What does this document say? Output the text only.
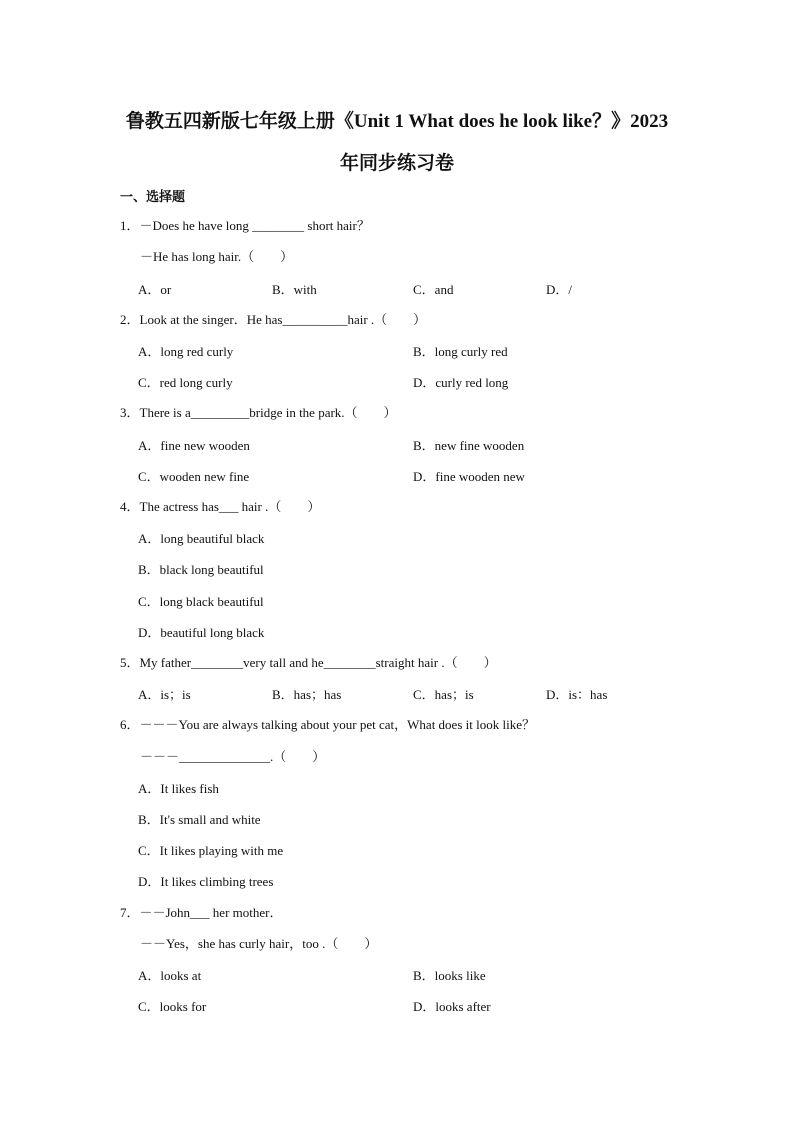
鲁教五四新版七年级上册《Unit 1 What does he look like？》2023
年同步练习卷
一、选择题
1．－Does he have long ________ short hair？
－He has long hair.（　　）
A．or	B．with	C．and	D．/
2．Look at the singer．He has__________hair .（　　）
A．long red curly	B．long curly red
C．red long curly	D．curly red long
3．There is a_________bridge in the park.（　　）
A．fine new wooden	B．new fine wooden
C．wooden new fine	D．fine wooden new
4．The actress has___ hair .（　　）
A．long beautiful black
B．black long beautiful
C．long black beautiful
D．beautiful long black
5．My father________very tall and he________straight hair .（　　）
A．is；is	B．has；has	C．has；is	D．is：has
6．－－－You are always talking about your pet cat，What does it look like？
－－－______________.（　　）
A．It likes fish
B．It's small and white
C．It likes playing with me
D．It likes climbing trees
7．－－John___ her mother．
－－Yes，she has curly hair，too .（　　）
A．looks at	B．looks like
C．looks for	D．looks after
